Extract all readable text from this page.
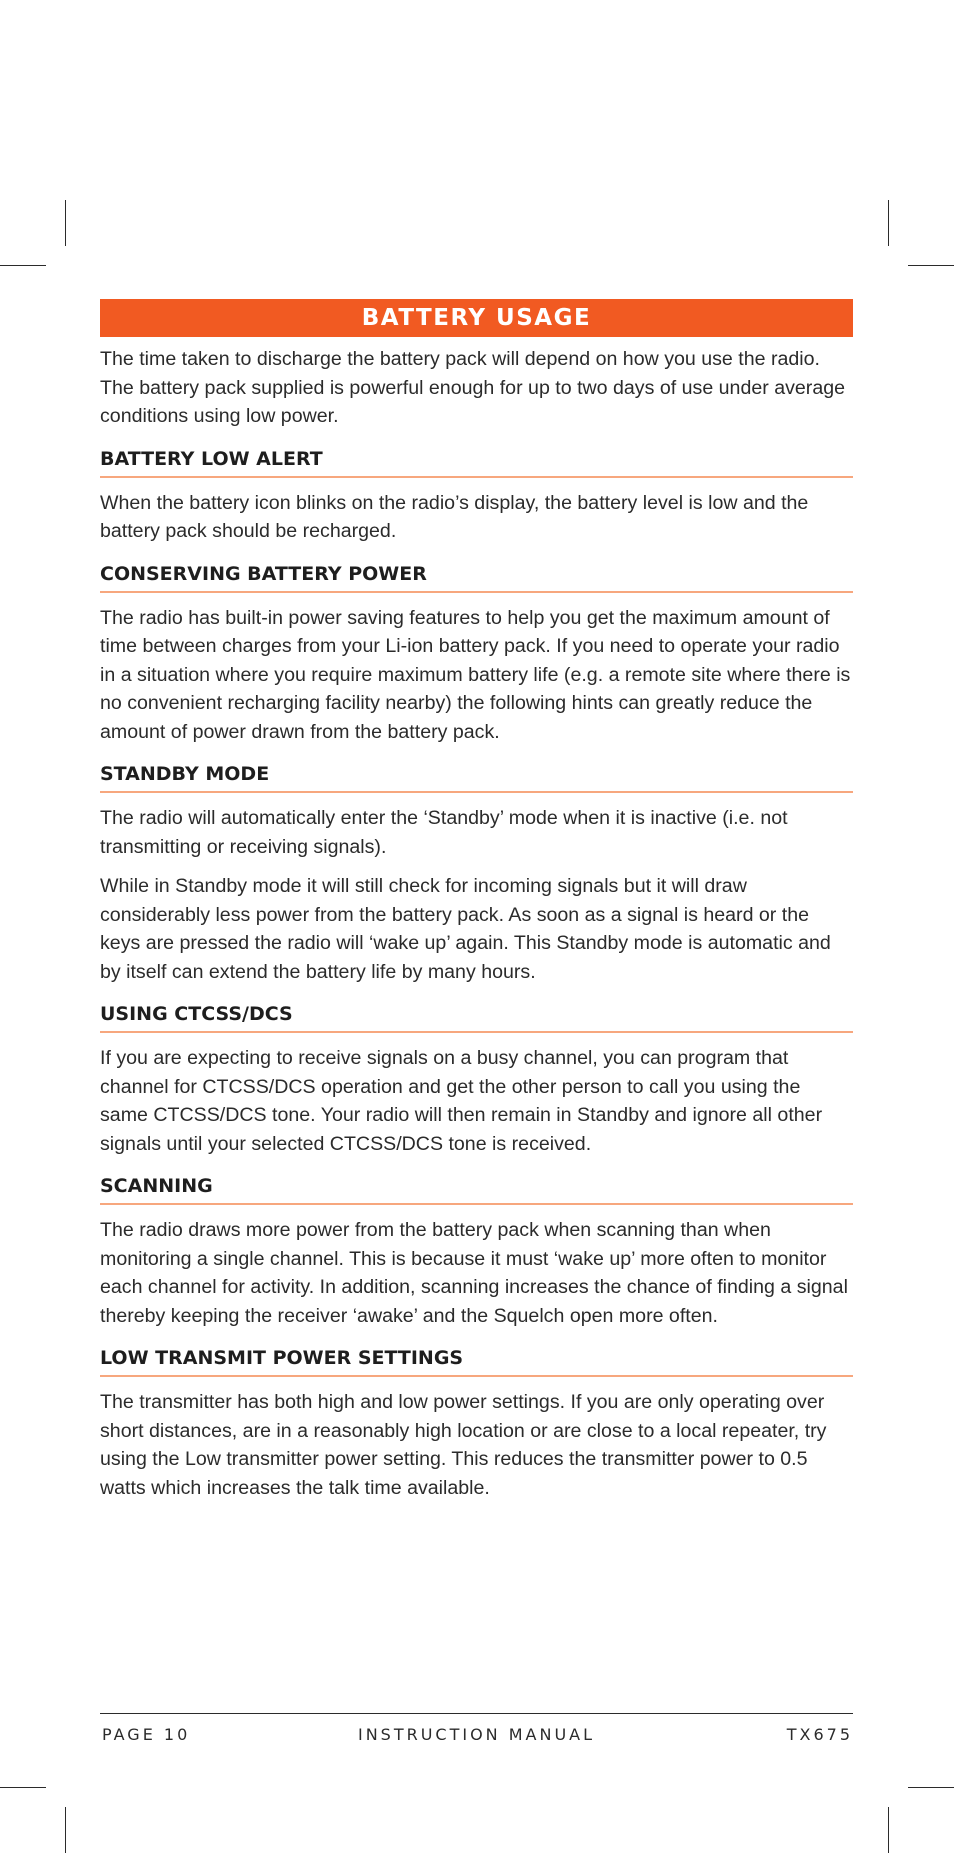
BATTERY USAGE

The time taken to discharge the battery pack will depend on how you use the radio. The battery pack supplied is powerful enough for up to two days of use under average conditions using low power.

BATTERY LOW ALERT

When the battery icon blinks on the radio’s display, the battery level is low and the battery pack should be recharged.

CONSERVING BATTERY POWER

The radio has built-in power saving features to help you get the maximum amount of time between charges from your Li-ion battery pack. If you need to operate your radio in a situation where you require maximum battery life (e.g. a remote site where there is no convenient recharging facility nearby) the following hints can greatly reduce the amount of power drawn from the battery pack.

STANDBY MODE

The radio will automatically enter the ‘Standby’ mode when it is inactive (i.e. not transmitting or receiving signals).

While in Standby mode it will still check for incoming signals but it will draw considerably less power from the battery pack. As soon as a signal is heard or the keys are pressed the radio will ‘wake up’ again. This Standby mode is automatic and by itself can extend the battery life by many hours.

USING CTCSS/DCS

If you are expecting to receive signals on a busy channel, you can program that channel for CTCSS/DCS operation and get the other person to call you using the same CTCSS/DCS tone. Your radio will then remain in Standby and ignore all other signals until your selected CTCSS/DCS tone is received.

SCANNING

The radio draws more power from the battery pack when scanning than when monitoring a single channel. This is because it must ‘wake up’ more often to monitor each channel for activity. In addition, scanning increases the chance of finding a signal thereby keeping the receiver ‘awake’ and the Squelch open more often.

LOW TRANSMIT POWER SETTINGS

The transmitter has both high and low power settings. If you are only operating over short distances, are in a reasonably high location or are close to a local repeater, try using the Low transmitter power setting. This reduces the transmitter power to 0.5 watts which increases the talk time available.

PAGE 10	INSTRUCTION MANUAL	TX675
